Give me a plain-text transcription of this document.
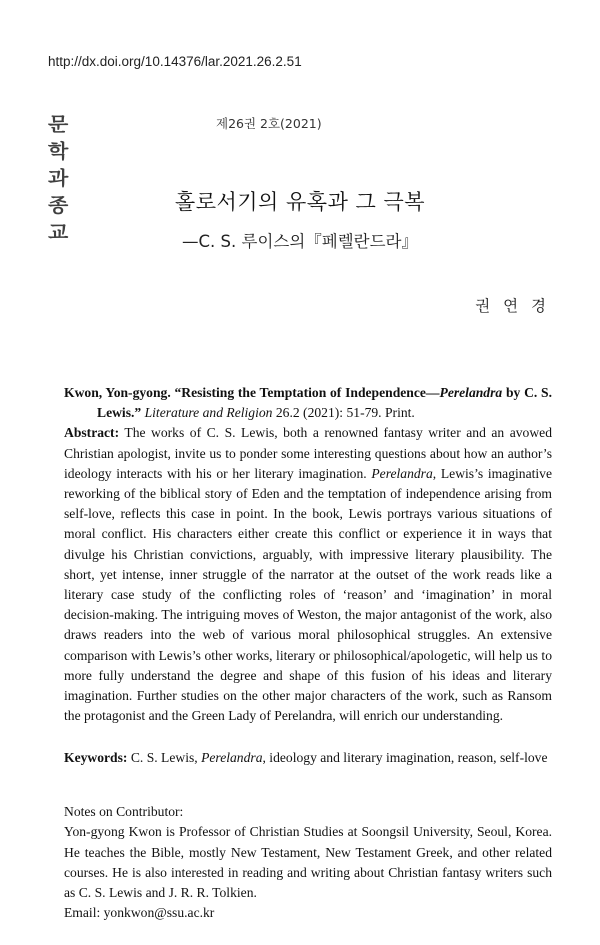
http://dx.doi.org/10.14376/lar.2021.26.2.51
문학과 종교
제26권 2호(2021)
홀로서기의 유혹과 그 극복
—C. S. 루이스의『페렐란드라』
권 연 경

Kwon, Yon-gyong. “Resisting the Temptation of Independence—Perelandra by C. S. Lewis.” Literature and Religion 26.2 (2021): 51-79. Print.

Abstract: The works of C. S. Lewis, both a renowned fantasy writer and an avowed Christian apologist, invite us to ponder some interesting questions about how an author’s ideology interacts with his or her literary imagination. Perelandra, Lewis’s imaginative reworking of the biblical story of Eden and the temptation of independence arising from self-love, reflects this case in point. In the book, Lewis portrays various situations of moral conflict. His characters either create this conflict or experience it in ways that divulge his Christian convictions, arguably, with impressive literary plausibility. The short, yet intense, inner struggle of the narrator at the outset of the work reads like a literary case study of the conflicting roles of ‘reason’ and ‘imagination’ in moral decision-making. The intriguing moves of Weston, the major antagonist of the work, also draws readers into the web of various moral philosophical struggles. An extensive comparison with Lewis’s other works, literary or philosophical/apologetic, will help us to more fully understand the degree and shape of this fusion of his ideas and literary imagination. Further studies on the other major characters of the work, such as Ransom the protagonist and the Green Lady of Perelandra, will enrich our understanding.

Keywords: C. S. Lewis, Perelandra, ideology and literary imagination, reason, self-love

Notes on Contributor:

Yon-gyong Kwon is Professor of Christian Studies at Soongsil University, Seoul, Korea. He teaches the Bible, mostly New Testament, New Testament Greek, and other related courses. He is also interested in reading and writing about Christian fantasy writers such as C. S. Lewis and J. R. R. Tolkien.

Email: yonkwon@ssu.ac.kr
